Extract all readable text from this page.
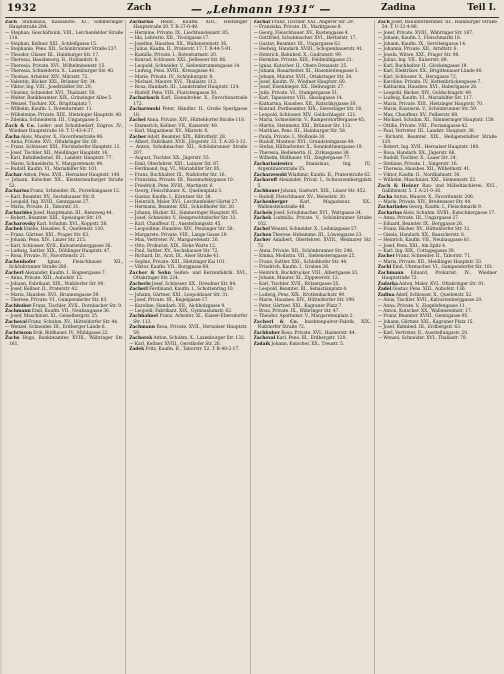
1932	Zach	— „Lehmann 1931“ —	Zadina	Teil I.
Zach Stanislaus, Kassabote. XI., Simmeringer Hauptstraße 284.
— Stephan, Geschäftsinh. VIII., Lerchenfelder Straße 118.
— Stephan, Kellner. XXI., Schleifgasse 15.
— Stephanie, Pens. XII., Schönbrunner Straße 237.
— Theodor, Glaser. III., Hainburger Str. 17.
— Theresia, Hausbesorg. II., Hollandstr. 6.
— Theresia, Private. XVI., Wilhelminenstr. 15.
— Theresia, Schneiderin. X., Laxenburger Str. 40.
— Thomas, Arbeiter. XIV., Märzstr. 72.
— Valentin, Bäcker. XXI., Brünner Str. 34.
— Viktor, Ing. VIII., Josefstädter Str. 29.
— Vinzenz, Schneider. XVI., Thaliastr. 50.
— Walter, Bankbeamter. XIX., Grinzinger Allee 5.
— Wenzel, Tischler. XX., Brigittaplatz 7.
— Wilhelm, Kaufm. I., Rotenturmstr. 11.
— Wilhelmine, Private. XIII., Hietzinger Hauptstr. 40.
— Zdenka, Schneiderin. III., Ungargasse 5.
Zach & Co. Leder- und Schuhbedarf, Engros. IV., Wiedner Hauptstraße 18. T. U-43-4-37.
Zacha Alois, Maurer. X., Favoritenstraße 96.
— Anna, Private. XVI., Ottakringer Str. 60.
— Franz, Schlosser. XXI., Floridsdorfer Hauptstr. 12.
— Josef, Tischler. XII., Meidlinger Hauptstr. 16.
— Karl, Bahnbedienst. III., Landstr. Hauptstr. 77.
— Marie, Schneiderin. V., Margaretenstr. 94.
— Rudolf, Kaufm. VI., Mariahilfer Str. 101.
Zachar Anton, Pens. XVII., Hernalser Hauptstr. 140.
— Johann, Kutscher. XX., Klosterneuburger Straße 52.
Zacharias Franz, Schneider. IX., Porzellangasse 12.
— Karl, Beamter. XV., Sechshauser Str. 8.
— Leopold, Ing. XVIII., Gentzgasse 27.
— Maria, Private. II., Taborstr. 31.
Zacharides Josef, Hauptmann. III., Rennweg 44.
— Robert, Beamter. XIII., Speisinger Str. 19.
Zacharovsky Karl, Schuhm. XVI., Koppstr. 58.
Zachek Emilie, Hausbes. X., Quellenstr. 130.
— Franz, Gärtner. XXI., Prager Str. 63.
— Johann, Pens. XIV., Linzer Str. 215.
— Karl, Schlosser. XVII., Kalvarienberggasse 36.
— Ludwig, Sattler. XIX., Döblinger Hauptstr. 47.
— Rosa, Private. IV., Favoritenstr. 21.
Zachenhofer	Ignaz, Fleischhauer. XII., Schönbrunner Straße 280.
Zacherl Alexander, Kaufm. I., Bognergasse 7.
— Anna, Private. XIII., Auhofstr. 12.
— Johann, Fabrikant. XIX., Nußdorfer Str. 90.
— Josef, Kellner. II., Praterstr. 42.
— Maria, Hausbes. XVI., Brunnengasse 59.
— Therese, Private. VI., Gumpendorfer Str. 63.
Zachhuber Franz, Tischler. XVII., Dornbacher Str. 9.
Zachmann Emil, Kaufm. VII., Neubaugasse 36.
— Josef, Maschinist. XI., Geiselbergstr. 25.
Zachoval Franz, Schuhm. XV., Hütteldorfer Str. 44.
— Wenzel, Schneider. III., Erdberger Lände 6.
Zachrisson Erik, Bildhauer. IV., Mühlgasse 22.
Zachs Hugo, Bankbeamter. XVIII., Währinger Str. 161.
Zacharias Heinr., Kaufm. XIII., Hietzinger Hauptstraße 20. T. R-27-0-49.
— Hermine, Private. IX., Liechtensteinstr. 85.
— Ida, Lehrerin. XII., Tivoligasse 17.
— Josefine, Hausbes. XX., Wallensteinstr. 36.
— Julius, Kaufm. II., Praterstr. 17. T. R-44-5-91.
— Kamilla, Private. I., Rotenturmstr. 20.
— Konrad, Schlosser. XXI., Jedleseer Str. 66.
— Leopold, Schneider. V., Siebenbrunnengasse 14.
— Ludwig, Pens. XVIII., Kreuzgasse 41.
— Marie, Private. IV., Schönburgstr. 8.
— Michael, Maurer. XVI., Thaliastr. 112.
— Rosa, Handarb. III., Landstraßer Hauptstr. 124.
— Rudolf, Pens. VIII., Piaristengasse 50.
Zachariasch Karl, Eisendreher. X., Favoritenstraße 172.
Zacharowski Peter, Händler. II., Große Sperlgasse 18.
Zachel Anna, Private. XIV., Hütteldorfer Straße 118.
— Emmerich, Kellner. VII., Kaiserstr. 49.
— Karl, Magazineur. XV., Märzstr. 8.
Zacher Adolf, Beamter. XIX., Billrothstr. 28.
— Albert, Fabrikant. XVII., Jörgerstr. 33. T. A-26-3-12.
— Anton, Schuhmacher. XII., Schönbrunner Straße 207.
— August, Tischler. XX., Jägerstr. 55.
— Emil, Oberlehrer. XIII., Lainzer Str. 87.
— Ferdinand, Ing. VI., Mariahilfer Str. 85.
— Franz, Buchhalter. IX., Nußdorfer Str. 16.
— Franziska, Private. III., Rasumofskygasse 10.
— Friedrich, Pens. XVIII., Martinstr. 6.
— Georg, Fleischhauer. X., Quellenplatz 3.
— Gustav, Kaufm. I., Kärntner Str. 38.
— Heinrich, Maler. XVI., Lerchenfelder Gürtel 27.
— Hermann, Beamter. XXI., Schloßhofer Str. 20.
— Johann, Bäcker. XI., Simmeringer Hauptstr. 95.
— Josef, Schneider. V., Reinprechtsdorfer Str. 33.
— Karl, Chauffeur. II., Ausstellungsstr. 45.
— Leopoldine, Hausbes. XIV., Penzinger Str. 58.
— Margarete, Private. VIII., Lange Gasse 29.
— Max, Vertreter. IV., Margaretenstr. 26.
— Otto, Prokurist. XIX., Hohe Warte 12.
— Paul, Sattler. XV., Sechshauser Str. 72.
— Richard, Dr., Arzt. IX., Alser Straße 41.
— Sophie, Private. XIII., Hietzinger Kai 101.
— Viktor, Kaufm. VII., Burggasse 68.
Zacher & Sohn Seifen- und Kerzenfabrik. XVI., Ottakringer Str. 224.
Zacherle Josef, Schlosser. XX., Dresdner Str. 84.
Zacherl Ferdinand, Kaufm. I., Schottenring 10.
— Johann, Gärtner. XXI., Leopoldauer Str. 31.
— Josef, Private. III., Kegelgasse 17.
— Karoline, Handarb. XII., Aichholzgasse 9.
— Leopold, Fabrikant. XIX., Gymnasiumstr. 62.
Zachhalmel Franz, Arbeiter. XI., Kaiser-Ebersdorfer Str. 112.
Zachmann Rosa, Private. XVII., Hernalser Hauptstr. 59.
Zachorek Anton, Schuhm. X., Laxenburger Str. 132.
— Karl, Kellner. XVIII., Gersthofer Str. 26.
Zadek Fritz, Kaufm. II., Taborstr. 52. T. R-40-2-17.
Zachar Franz, Tischler. XXI., Angerer Str. 29.
— Franziska, Private. IX., Marktgasse 8.
— Georg, Fleischhauer. XV., Rustengasse 4.
— Gottfried, Schuhmacher. XVI., Herbststr. 17.
— Gustav, Beamter. III., Ungargasse 62.
— Hedwig, Handarb. XVIII., Schopenhauerstr. 41.
— Heinrich, Bahnbed. X., Gudrunstr. 99.
— Hermine, Private. XIII., Feldmühlgasse 21.
— Ignaz, Kutscher. II., Obere Donaustr. 25.
— Johann, Bauarbeiter. XI., Hasenleitengasse 3.
— Johann, Maurer. XVII., Ottakringer Str. 34.
— Josef, Kaufm. IV., Wiedner Hauptstr. 60.
— Josef, Eisenbieger. XX., Hellwagstr. 27.
— Julie, Private. VI., Stumpergasse 51.
— Karl, Tapezierer. VIII., Skodagasse 14.
— Katharina, Hausbes. XII., Ratschkygasse 30.
— Konrad, Postbeamter. XIX., Sieveringer Str. 16.
— Leopold, Schlosser. XIV., Goldschlagstr. 121.
— Maria, Schneiderin. V., Ramperstorffergasse 45.
— Martin, Steinmetz. XXI., Brünner Str. 112.
— Matthias, Pens. III., Hainburger Str. 58.
— Paula, Private. I., Wollzeile 30.
— Rudolf, Monteur. XVI., Grundsteingasse 40.
— Stefan, Hilfsarbeiter. X., Sonnleithnergasse 19.
— Theresia, Bedienerin. II., Zirkusgasse 38.
— Wilhelm, Bildhauer. VII., Zieglergasse 77.
Zachariasiewicz	Stanislaus, Ing. IV., Argentinierstraße 35.
Zacharzewski Wladimir, Kaufm. II., Praterstraße 62.
Zacharoff Alexander, Privat. I., Schwarzenbergplatz 5.
Zachbauer Johann, Gastwirt. XIII., Linzer Str. 452.
— Rudolf, Fleischhauer. XV., Meiselstr. 30.
Zachenberger	Karl, Magazineur. XX., Wallensteinstraße 48.
Zacheis Josef, Schuhmacher. XVI., Wattgasse 34.
Zachek Ludmilla, Private. V., Schönbrunner Straße 102.
Zachel Wenzel, Schneider. X., Leibnizgasse 57.
Zachen Therese, Hebamme. III., Löwengasse 23.
Zacher Adalbert, Oberlehrer. XVIII., Weimarer Str. 72.
— Anna, Private. XII., Schönbrunner Str. 246.
— Emma, Modistin. VII., Siebensterngasse 25.
— Franz, Sattler. XXI., Schloßhofer Str. 44.
— Friedrich, Kaufm. I., Graben 26.
— Heinrich, Buchdrucker. VIII., Albertgasse 33.
— Johann, Maurer. XI., Zippererstr. 12.
— Karl, Tischler. XVII., Rötzergasse 55.
— Leopold, Beamter. III., Sebastianplatz 4.
— Ludwig, Pens. XIX., Krottenbachstr. 90.
— Marie, Hausbes. XIV., Hütteldorfer Str. 199.
— Peter, Gärtner. XXI., Kagraner Platz 7.
— Rosa, Private. IX., Währinger Str. 47.
— Theodor, Apotheker. V., Margaretenplatz 2.
Zacherl & Co. Insektenpulver-Fabrik. XIX., Nußdorfer Straße 72.
Zachhuber Rosa, Private. XVI., Hasnerstr. 44.
Zachoval Karl, Pens. III., Erdbergstr. 120.
Zadaik Johann, Kutscher. XX., Treustr. 5.
Zach Josef, Bauunternehmer. III., Hainburger Straße 54. T. U-12-4-98.
— Josef, Private. XVIII., Währinger Str. 167.
— Johann, Kaufm. I., Fleischmarkt 18.
— Johann, Kaufm. IX., Servitengasse 14.
— Johanna, Private. XII., Arndtstr. 6.
— Josefa, Witwe. XXI., Prager Str. 98.
— Julius, Ing. VII., Kaiserstr. 89.
— Karl, Buchhalter. II., Glockengasse 19.
— Karl, Elektriker. XX., Brigittenauer Lände 40.
— Karl, Schlosser. X., Herzgasse 72.
— Karoline, Private. IV., Kettenbrückengasse 7.
— Katharina, Hausbes. XVI., Haberlgasse 28.
— Leopold, Bäcker. XIV., Goldschlagstr. 49.
— Ludwig, Kaufm. VI., Mariahilfer Str. 117.
— Maria, Private. XIII., Hietzinger Hauptstr. 70.
— Marie, Kassierin. V., Schönbrunner Str. 59.
— Max, Chauffeur. XV., Felberstr. 68.
— Michael, Schuhm. XI., Simmeringer Hauptstr. 158.
— Ottilie, Private. VIII., Florianigasse 42.
— Paul, Vertreter. III., Landstr. Hauptstr. 38.
— Richard, Beamter. XIX., Heiligenstädter Straße 120.
— Robert, Ing. XVII., Hernalser Hauptstr. 180.
— Rosa, Handarb. XX., Jägerstr. 66.
— Rudolf, Tischler. X., Laaer Str. 24.
— Stefanie, Private. I., Singerstr. 16.
— Theresia, Hausbes. XII., Wilhelmstr. 41.
— Viktor, Kaufm. II., Nordbahnstr. 30.
— Wilhelm, Maschinist. XXI., Siemensstr. 52.
Zach & Holzer Bau- und Möbeltischlerei. XVI., Gallitzinstr. 5. T. A-21-0-36.
Zacha Anton, Maurer. X., Favoritenstr. 206.
— Marie, Private. XIV., Breitenseer Str. 44.
Zachariades Georg, Kaufm. I., Fleischmarkt 9.
Zacharias Alois, Schuhm. XVIII., Kutschkergasse 17.
— Anna, Private. III., Ungargasse 27.
— Eduard, Beamter. IX., Berggasse 26.
— Franz, Bäcker. XV., Hütteldorfer Str. 12.
— Gisela, Handarb. XX., Rauscherstr. 8.
— Heinrich, Kaufm. VII., Neubaugasse 61.
— Josef, Pens. XXI., Am Spitz 4.
— Karl, Ing. XIX., Cottagegasse 39.
Zacher Franz, Schneider. II., Taborstr. 71.
— Maria, Private. XII., Meidlinger Hauptstr. 33.
Zachl Emil, Uhrmacher. VI., Gumpendorfer Str. 101.
Zachmann Eduard, Prokurist. IV., Wiedner Hauptstraße 72.
Zadarka Anton, Maler. XVI., Ottakringer Str. 91.
Zadel Gustav, Pens. XIII., Auhofstr. 136.
Zadina Adolf, Schlosser. X., Quellenstr. 52.
— Alois, Tischler. XVII., Kalvarienberggasse 20.
— Anna, Private. V., Ziegelofengasse 11.
— Anton, Kutscher. XX., Wallensteinstr. 17.
— Franz, Beamter. XVIII., Gentzgasse 95.
— Johann, Gärtner. XXI., Kagraner Platz 15.
— Josef, Bahnbed. III., Erdbergstr. 63.
— Karl, Vertreter. II., Ausstellungsstr. 20.
— Wenzel, Schneider. XVI., Thaliastr. 78.
